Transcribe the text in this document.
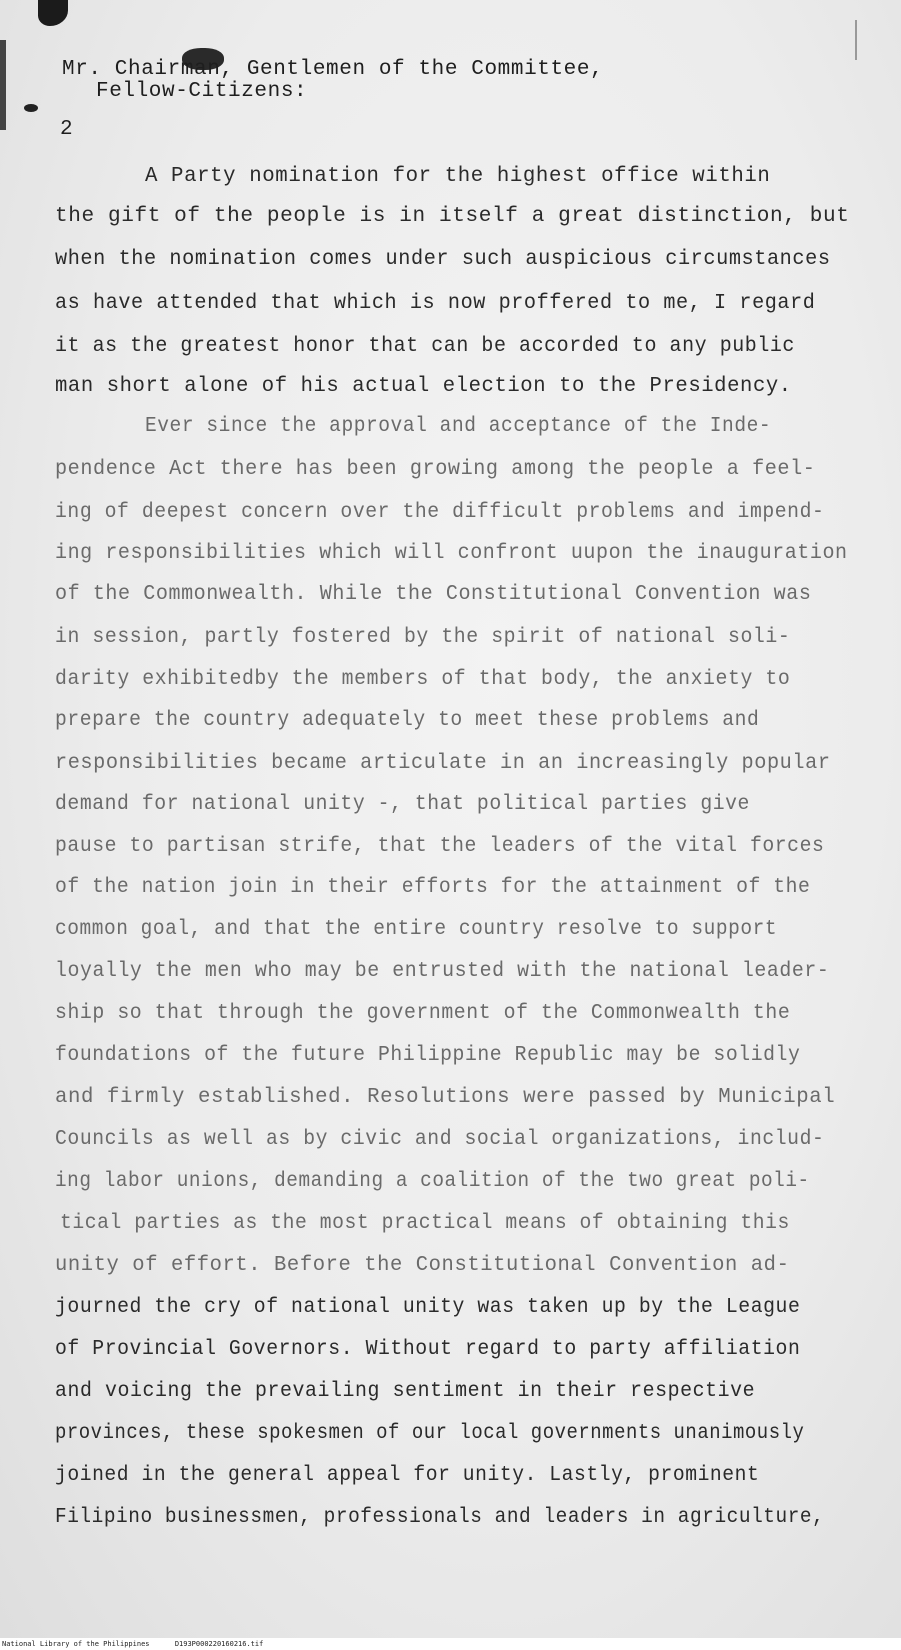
Mr. Chairman, Gentlemen of the Committee,
Fellow-Citizens:
2
A Party nomination for the highest office within
the gift of the people is in itself a great distinction, but
when the nomination comes under such auspicious circumstances
as have attended that which is now proffered to me, I regard
it as the greatest honor that can be accorded to any public
man short alone of his actual election to the Presidency.
Ever since the approval and acceptance of the Inde-
pendence Act there has been growing among the people a feel-
ing of deepest concern over the difficult problems and impend-
ing responsibilities which will confront uupon the inauguration
of the Commonwealth. While the Constitutional Convention was
in session, partly fostered by the spirit of national soli-
darity exhibitedby the members of that body, the anxiety to
prepare the country adequately to meet these problems and
responsibilities became articulate in an increasingly popular
demand for national unity -, that political parties give
pause to partisan strife, that the leaders of the vital forces
of the nation join in their efforts for the attainment of the
common goal, and that the entire country resolve to support
loyally the men who may be entrusted with the national leader-
ship so that through the government of the Commonwealth the
foundations of the future Philippine Republic may be solidly
and firmly established. Resolutions were passed by Municipal
Councils as well as by civic and social organizations, includ-
ing labor unions, demanding a coalition of the two great poli-
tical parties as the most practical means of obtaining this
unity of effort. Before the Constitutional Convention ad-
journed the cry of national unity was taken up by the League
of Provincial Governors. Without regard to party affiliation
and voicing the prevailing sentiment in their respective
provinces, these spokesmen of our local governments unanimously
joined in the general appeal for unity. Lastly, prominent
Filipino businessmen, professionals and leaders in agriculture,
National Library of the Philippines	D193P000220160216.tif
